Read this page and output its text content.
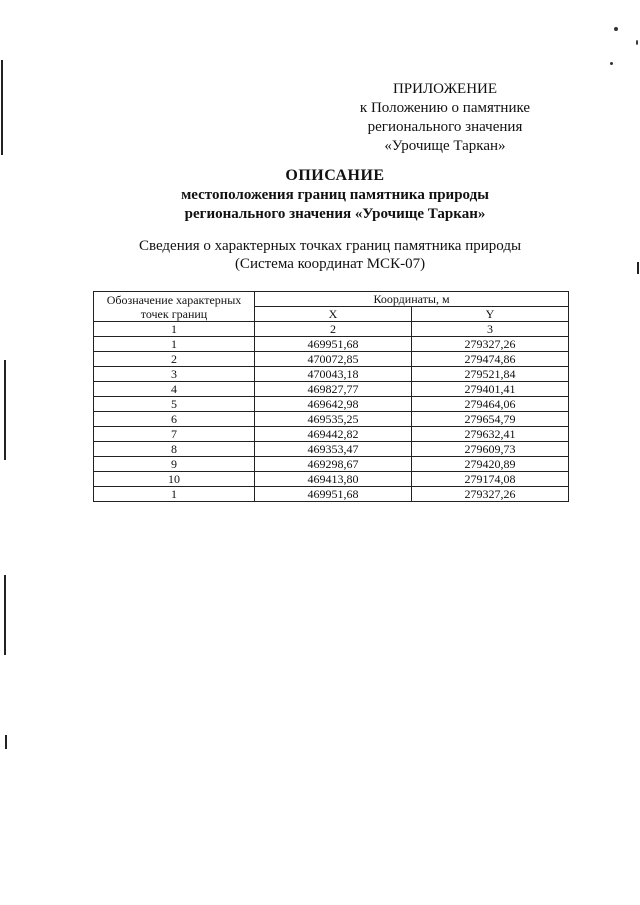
ПРИЛОЖЕНИЕ
к Положению о памятнике
регионального значения
«Урочище Таркан»
ОПИСАНИЕ
местоположения границ памятника природы
регионального значения «Урочище Таркан»
Сведения о характерных точках границ памятника природы
(Система координат МСК-07)
Обозначение характерных точек границ	Координаты, м	
	X	Y
1	2	3
1	469951,68	279327,26
2	470072,85	279474,86
3	470043,18	279521,84
4	469827,77	279401,41
5	469642,98	279464,06
6	469535,25	279654,79
7	469442,82	279632,41
8	469353,47	279609,73
9	469298,67	279420,89
10	469413,80	279174,08
1	469951,68	279327,26
